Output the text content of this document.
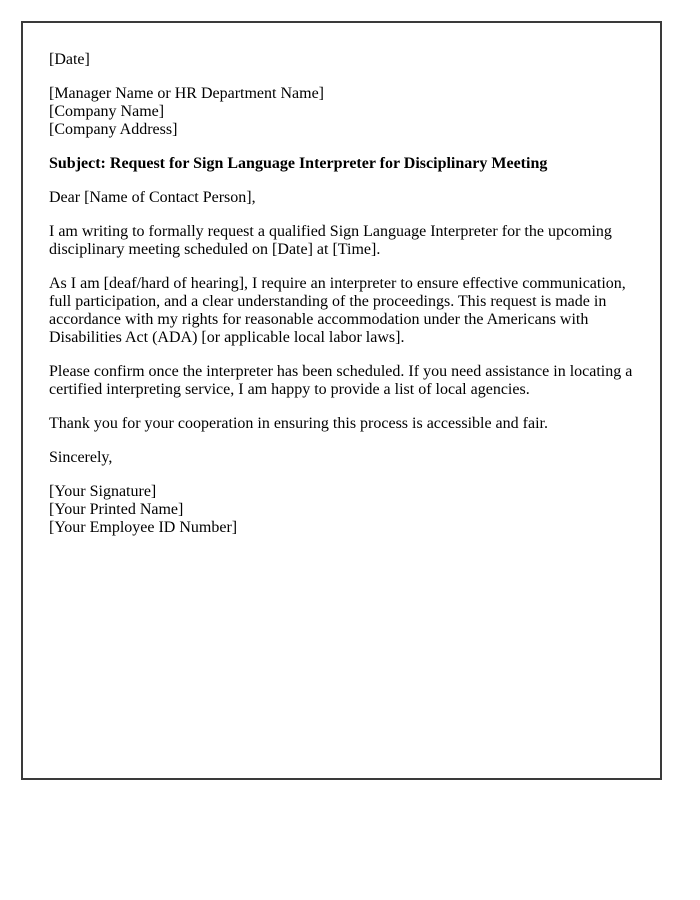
[Date]

[Manager Name or HR Department Name]
[Company Name]
[Company Address]

Subject: Request for Sign Language Interpreter for Disciplinary Meeting

Dear [Name of Contact Person],

I am writing to formally request a qualified Sign Language Interpreter for the upcoming disciplinary meeting scheduled on [Date] at [Time].

As I am [deaf/hard of hearing], I require an interpreter to ensure effective communication, full participation, and a clear understanding of the proceedings. This request is made in accordance with my rights for reasonable accommodation under the Americans with Disabilities Act (ADA) [or applicable local labor laws].

Please confirm once the interpreter has been scheduled. If you need assistance in locating a certified interpreting service, I am happy to provide a list of local agencies.

Thank you for your cooperation in ensuring this process is accessible and fair.

Sincerely,

[Your Signature]
[Your Printed Name]
[Your Employee ID Number]
